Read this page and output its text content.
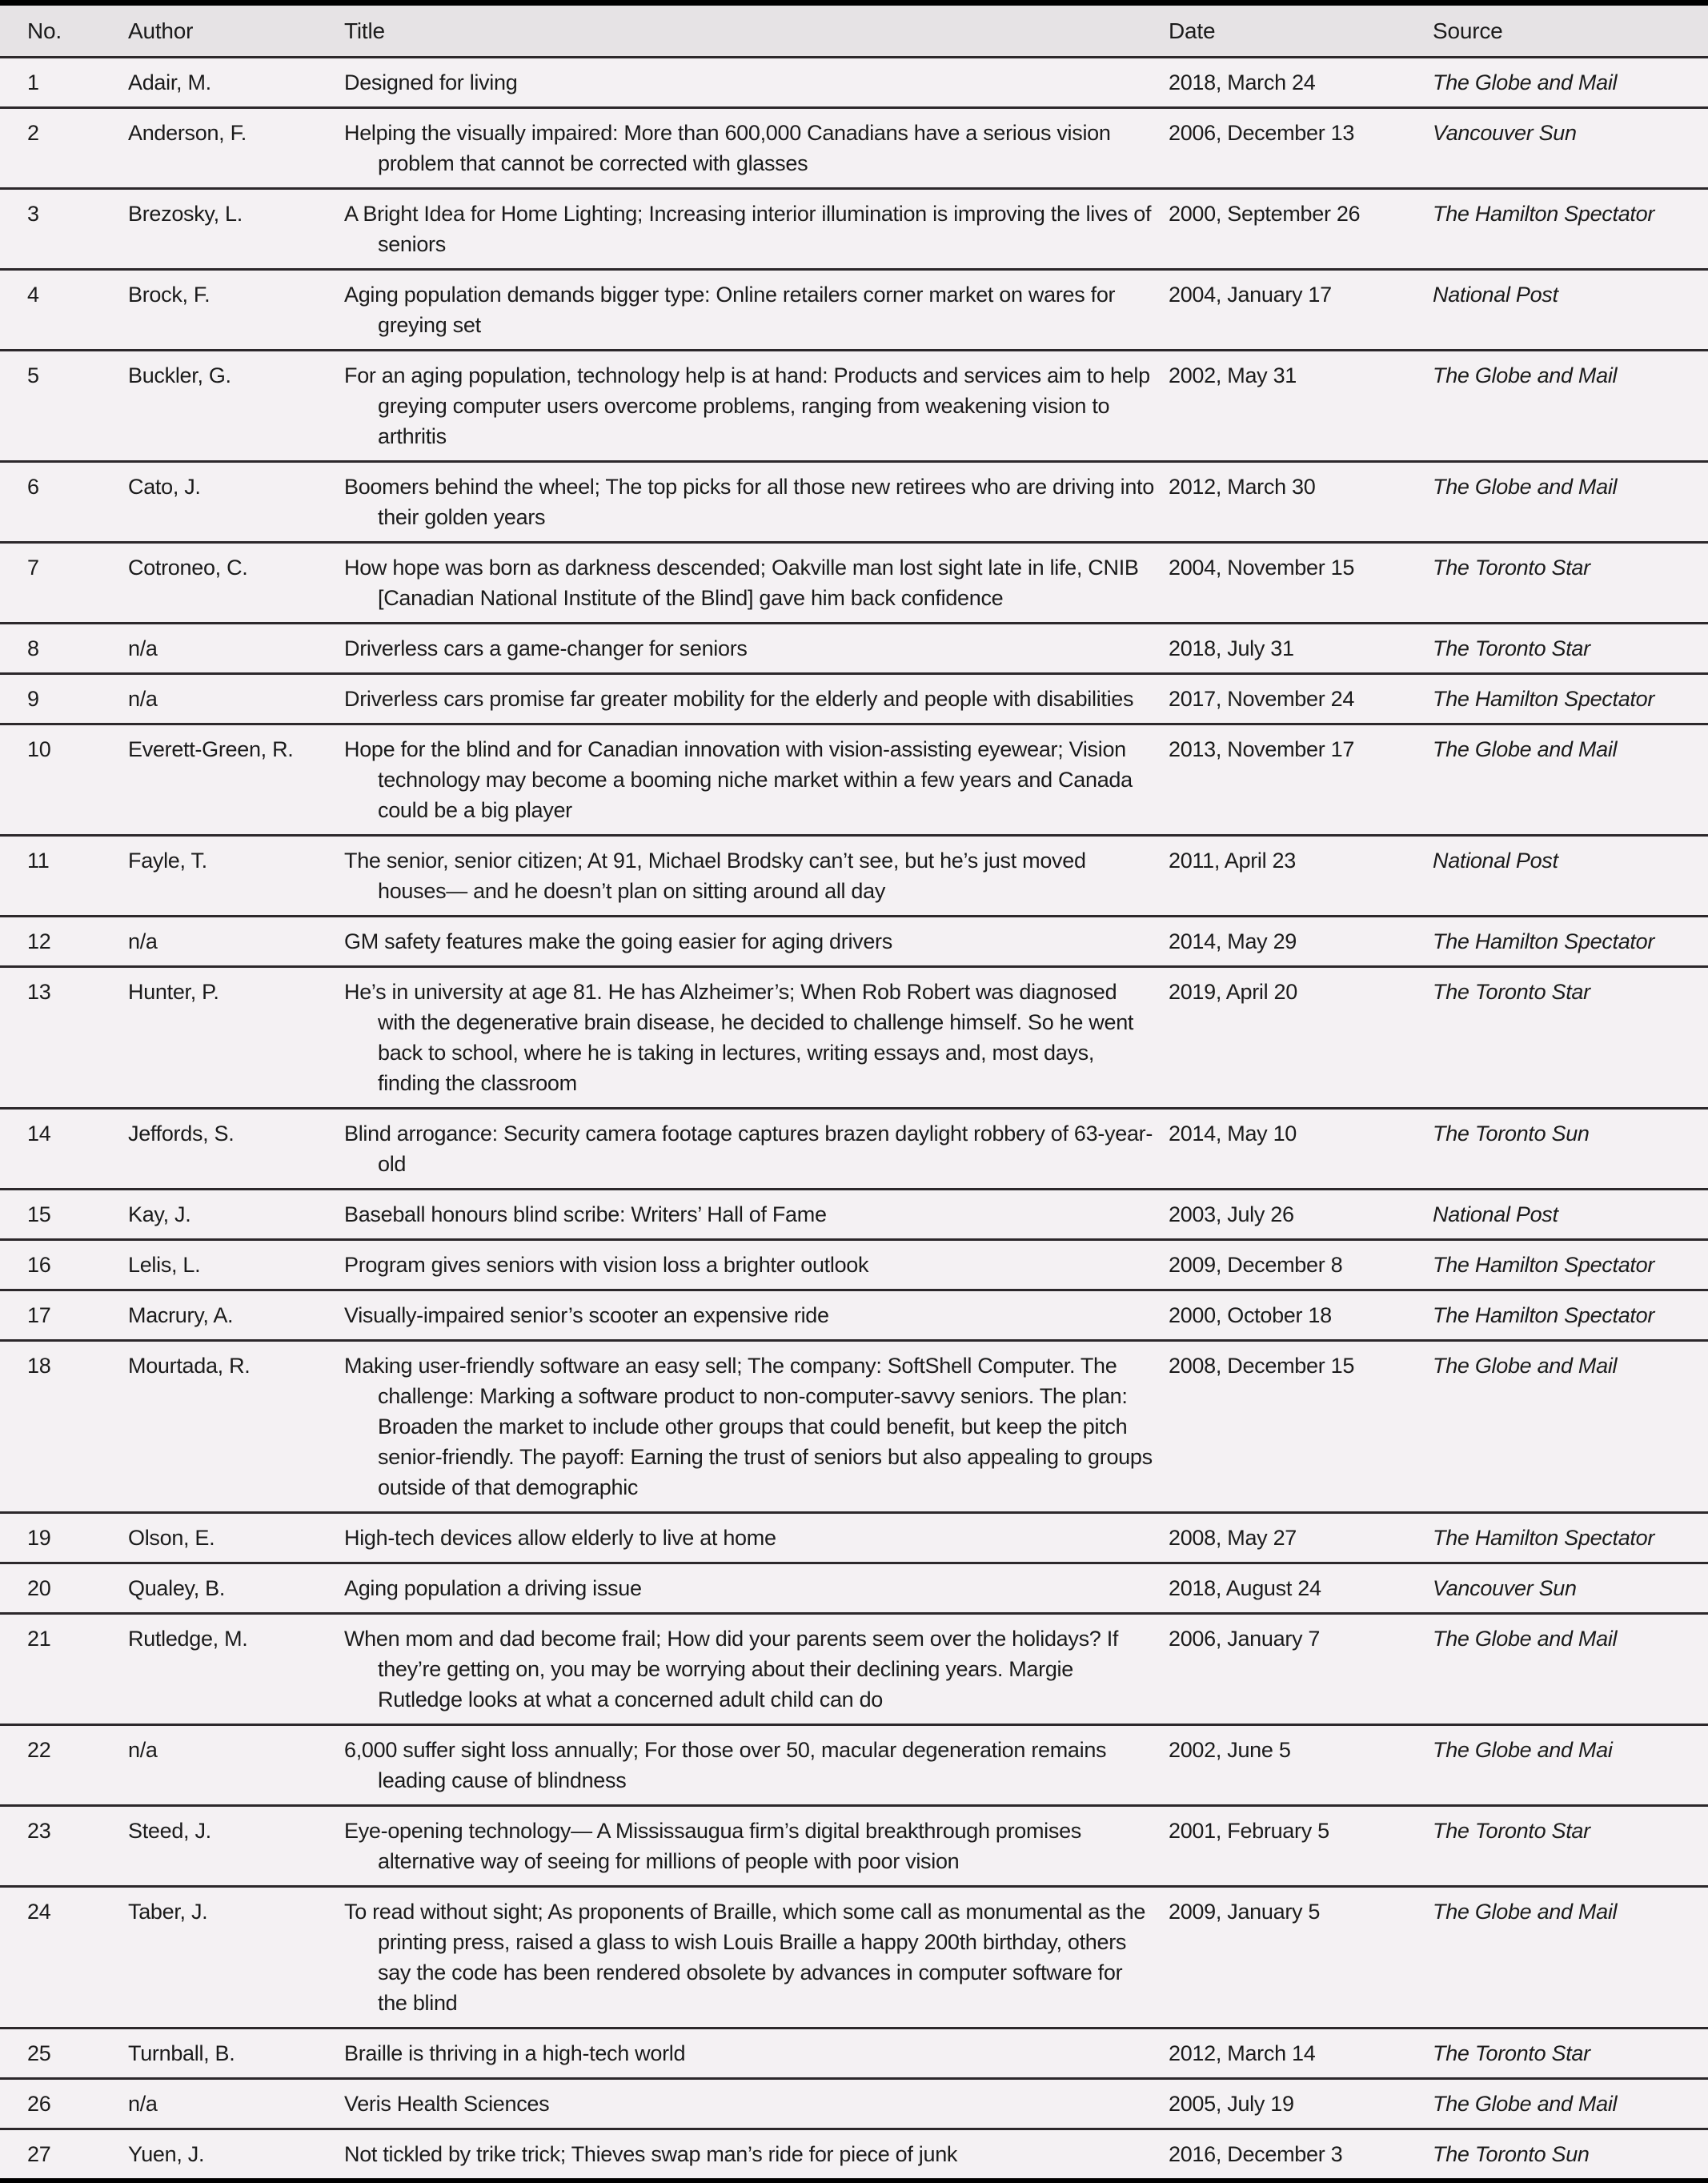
No.	Author	Title	Date	Source
1	Adair, M.	Designed for living	2018, March 24	The Globe and Mail
2	Anderson, F.	Helping the visually impaired: More than 600,000 Canadians have a serious vision problem that cannot be corrected with glasses	2006, December 13	Vancouver Sun
3	Brezosky, L.	A Bright Idea for Home Lighting; Increasing interior illumination is improving the lives of seniors	2000, September 26	The Hamilton Spectator
4	Brock, F.	Aging population demands bigger type: Online retailers corner market on wares for greying set	2004, January 17	National Post
5	Buckler, G.	For an aging population, technology help is at hand: Products and services aim to help greying computer users overcome problems, ranging from weakening vision to arthritis	2002, May 31	The Globe and Mail
6	Cato, J.	Boomers behind the wheel; The top picks for all those new retirees who are driving into their golden years	2012, March 30	The Globe and Mail
7	Cotroneo, C.	How hope was born as darkness descended; Oakville man lost sight late in life, CNIB [Canadian National Institute of the Blind] gave him back confidence	2004, November 15	The Toronto Star
8	n/a	Driverless cars a game-changer for seniors	2018, July 31	The Toronto Star
9	n/a	Driverless cars promise far greater mobility for the elderly and people with disabilities	2017, November 24	The Hamilton Spectator
10	Everett-Green, R.	Hope for the blind and for Canadian innovation with vision-assisting eyewear; Vision technology may become a booming niche market within a few years and Canada could be a big player	2013, November 17	The Globe and Mail
11	Fayle, T.	The senior, senior citizen; At 91, Michael Brodsky can’t see, but he’s just moved houses— and he doesn’t plan on sitting around all day	2011, April 23	National Post
12	n/a	GM safety features make the going easier for aging drivers	2014, May 29	The Hamilton Spectator
13	Hunter, P.	He’s in university at age 81. He has Alzheimer’s; When Rob Robert was diagnosed with the degenerative brain disease, he decided to challenge himself. So he went back to school, where he is taking in lectures, writing essays and, most days, finding the classroom	2019, April 20	The Toronto Star
14	Jeffords, S.	Blind arrogance: Security camera footage captures brazen daylight robbery of 63-year-old	2014, May 10	The Toronto Sun
15	Kay, J.	Baseball honours blind scribe: Writers’ Hall of Fame	2003, July 26	National Post
16	Lelis, L.	Program gives seniors with vision loss a brighter outlook	2009, December 8	The Hamilton Spectator
17	Macrury, A.	Visually-impaired senior’s scooter an expensive ride	2000, October 18	The Hamilton Spectator
18	Mourtada, R.	Making user-friendly software an easy sell; The company: SoftShell Computer. The challenge: Marking a software product to non-computer-savvy seniors. The plan: Broaden the market to include other groups that could benefit, but keep the pitch senior-friendly. The payoff: Earning the trust of seniors but also appealing to groups outside of that demographic	2008, December 15	The Globe and Mail
19	Olson, E.	High-tech devices allow elderly to live at home	2008, May 27	The Hamilton Spectator
20	Qualey, B.	Aging population a driving issue	2018, August 24	Vancouver Sun
21	Rutledge, M.	When mom and dad become frail; How did your parents seem over the holidays? If they’re getting on, you may be worrying about their declining years. Margie Rutledge looks at what a concerned adult child can do	2006, January 7	The Globe and Mail
22	n/a	6,000 suffer sight loss annually; For those over 50, macular degeneration remains leading cause of blindness	2002, June 5	The Globe and Mai
23	Steed, J.	Eye-opening technology— A Mississaugua firm’s digital breakthrough promises alternative way of seeing for millions of people with poor vision	2001, February 5	The Toronto Star
24	Taber, J.	To read without sight; As proponents of Braille, which some call as monumental as the printing press, raised a glass to wish Louis Braille a happy 200th birthday, others say the code has been rendered obsolete by advances in computer software for the blind	2009, January 5	The Globe and Mail
25	Turnball, B.	Braille is thriving in a high-tech world	2012, March 14	The Toronto Star
26	n/a	Veris Health Sciences	2005, July 19	The Globe and Mail
27	Yuen, J.	Not tickled by trike trick; Thieves swap man’s ride for piece of junk	2016, December 3	The Toronto Sun
